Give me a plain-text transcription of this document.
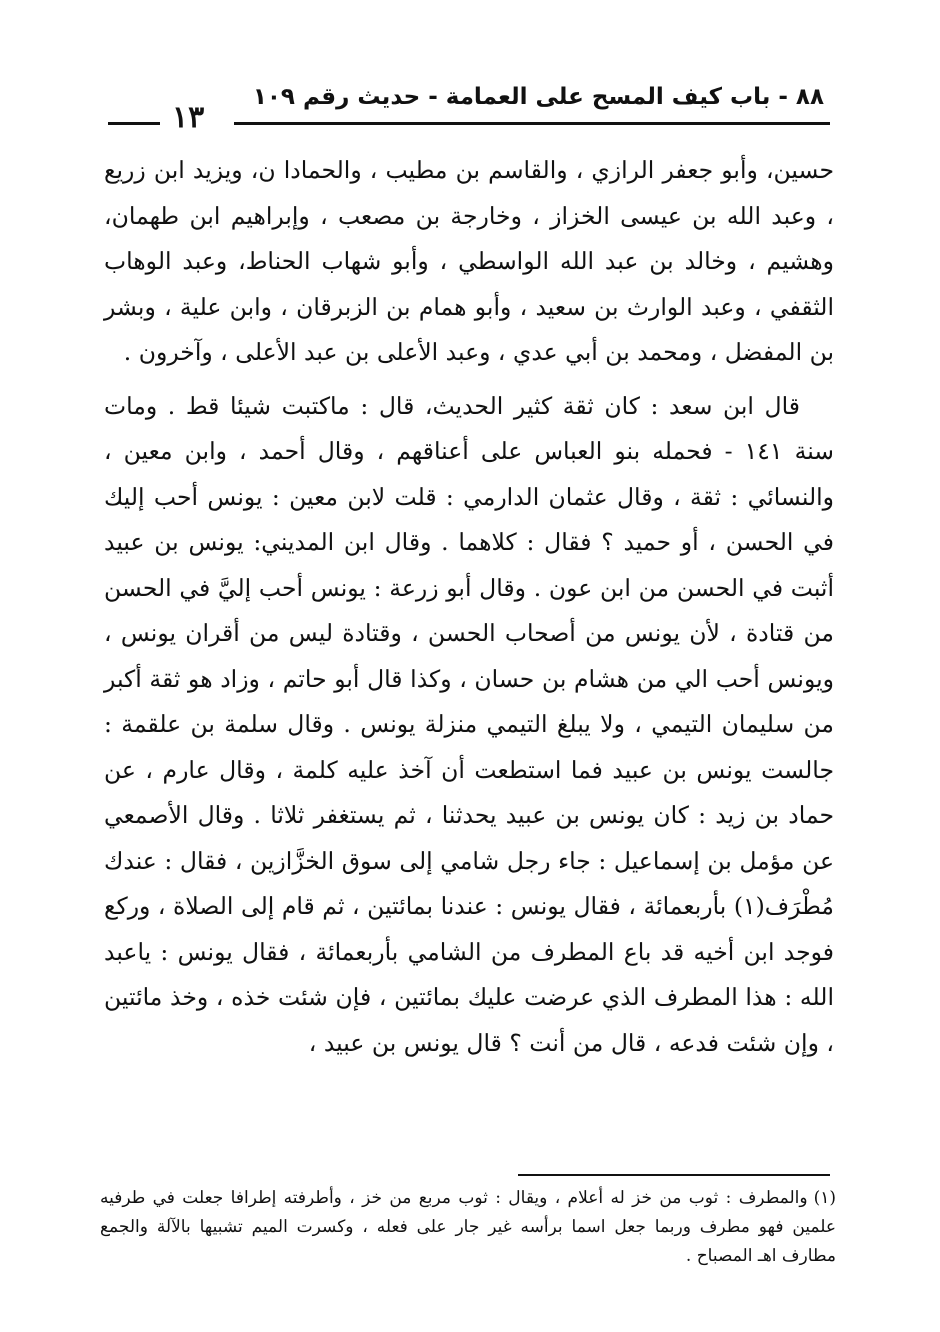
٨٨ - باب كيف المسح على العمامة - حديث رقم ١٠٩
١٣

حسين، وأبو جعفر الرازي ، والقاسم بن مطيب ، والحمادا ن، ويزيد ابن زريع ، وعبد الله بن عيسى الخزاز ، وخارجة بن مصعب ، وإبراهيم ابن طهمان، وهشيم ، وخالد بن عبد الله الواسطي ، وأبو شهاب الحناط، وعبد الوهاب الثقفي ، وعبد الوارث بن سعيد ، وأبو همام بن الزبرقان ، وابن علية ، وبشر بن المفضل ، ومحمد بن أبي عدي ، وعبد الأعلى بن عبد الأعلى ، وآخرون .

قال ابن سعد : كان ثقة كثير الحديث، قال : ماكتبت شيئا قط . ومات سنة ١٤١ - فحمله بنو العباس على أعناقهم ، وقال أحمد ، وابن معين ، والنسائي : ثقة ، وقال عثمان الدارمي : قلت لابن معين : يونس أحب إليك في الحسن ، أو حميد ؟ فقال : كلاهما . وقال ابن المديني: يونس بن عبيد أثبت في الحسن من ابن عون . وقال أبو زرعة : يونس أحب إليَّ في الحسن من قتادة ، لأن يونس من أصحاب الحسن ، وقتادة ليس من أقران يونس ، ويونس أحب الي من هشام بن حسان ، وكذا قال أبو حاتم ، وزاد هو ثقة أكبر من سليمان التيمي ، ولا يبلغ التيمي منزلة يونس . وقال سلمة بن علقمة : جالست يونس بن عبيد فما استطعت أن آخذ عليه كلمة ، وقال عارم ، عن حماد بن زيد : كان يونس بن عبيد يحدثنا ، ثم يستغفر ثلاثا . وقال الأصمعي عن مؤمل بن إسماعيل : جاء رجل شامي إلى سوق الخزَّازين ، فقال : عندك مُطْرَف(١) بأربعمائة ، فقال يونس : عندنا بمائتين ، ثم قام إلى الصلاة ، وركع فوجد ابن أخيه قد باع المطرف من الشامي بأربعمائة ، فقال يونس : ياعبد الله : هذا المطرف الذي عرضت عليك بمائتين ، فإن شئت خذه ، وخذ مائتين ، وإن شئت فدعه ، قال من أنت ؟ قال يونس بن عبيد ،

(١)والمطرف : ثوب من خز له أعلام ، ويقال : ثوب مربع من خز ، وأطرفته إطرافا جعلت في طرفيه علمين فهو مطرف وربما جعل اسما برأسه غير جار على فعله ، وكسرت الميم تشبيها بالآلة والجمع مطارف اهـ المصباح .
